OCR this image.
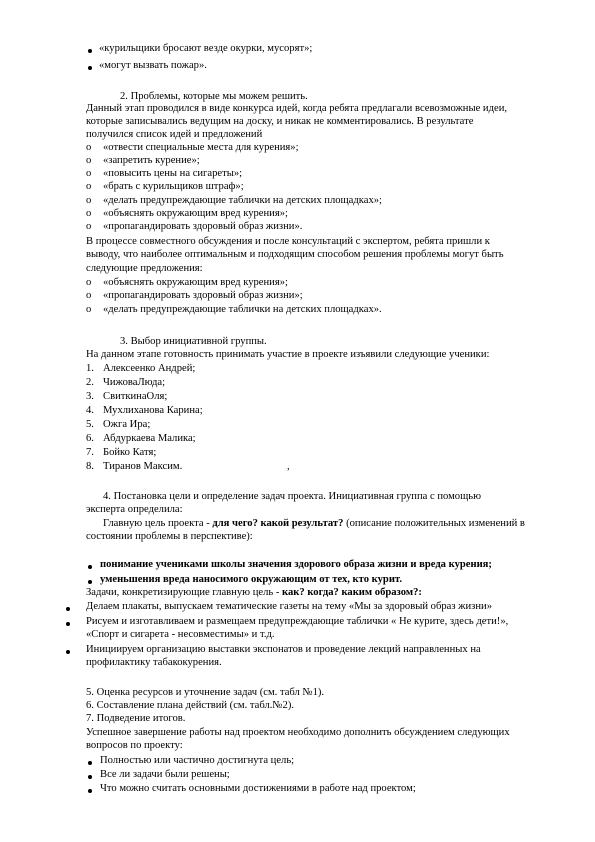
«курильщики бросают везде окурки, мусорят»;
«могут вызвать пожар».
2. Проблемы, которые мы можем решить.
Данный этап проводился в виде конкурса идей, когда ребята предлагали всевозможные идеи,
которые записывались ведущим на доску, и никак не комментировались. В результате
получился список идей и предложений
o «отвести специальные места для курения»;
o «запретить курение»;
o «повысить цены на сигареты»;
o «брать с курильщиков штраф»;
o «делать предупреждающие таблички на детских площадках»;
o «объяснять окружающим вред курения»;
o «пропагандировать здоровый образ жизни».
В процессе совместного обсуждения и после консультаций с экспертом, ребята пришли к
выводу, что наиболее оптимальным и подходящим способом решения проблемы могут быть
следующие предложения:
o «объяснять окружающим вред курения»;
o «пропагандировать здоровый образ жизни»;
o «делать предупреждающие таблички на детских площадках».
3. Выбор инициативной группы.
На данном этапе готовность принимать участие в проекте изъявили следующие ученики:
1. Алексеенко Андрей;
2. ЧижоваЛюда;
3. СвиткинаОля;
4. Мухлиханова Карина;
5. Ожга Ира;
6. Абдуркаева Малика;
7. Бойко Катя;
8. Тиранов Максим.	,
4. Постановка цели и определение задач проекта. Инициативная группа с помощью
эксперта определила:
Главную цель проекта - для чего? какой результат? (описание положительных изменений в
состоянии проблемы в перспективе):
понимание учениками школы значения здорового образа жизни и вреда курения;
уменьшения вреда наносимого окружающим от тех, кто курит.
Задачи, конкретизирующие главную цель - как? когда? каким образом?:
Делаем плакаты, выпускаем тематические газеты на тему «Мы за здоровый образ жизни»
Рисуем и изготавливаем и размещаем предупреждающие таблички « Не курите, здесь дети!»,
«Спорт и сигарета - несовместимы» и т.д.
Инициируем организацию выставки экспонатов и проведение лекций направленных на
профилактику табакокурения.
5. Оценка ресурсов и уточнение задач (см. табл №1).
6. Составление плана действий (см. табл.№2).
7. Подведение итогов.
Успешное завершение работы над проектом необходимо дополнить обсуждением следующих
вопросов по проекту:
Полностью или частично достигнута цель;
Все ли задачи были решены;
Что можно считать основными достижениями в работе над проектом;
